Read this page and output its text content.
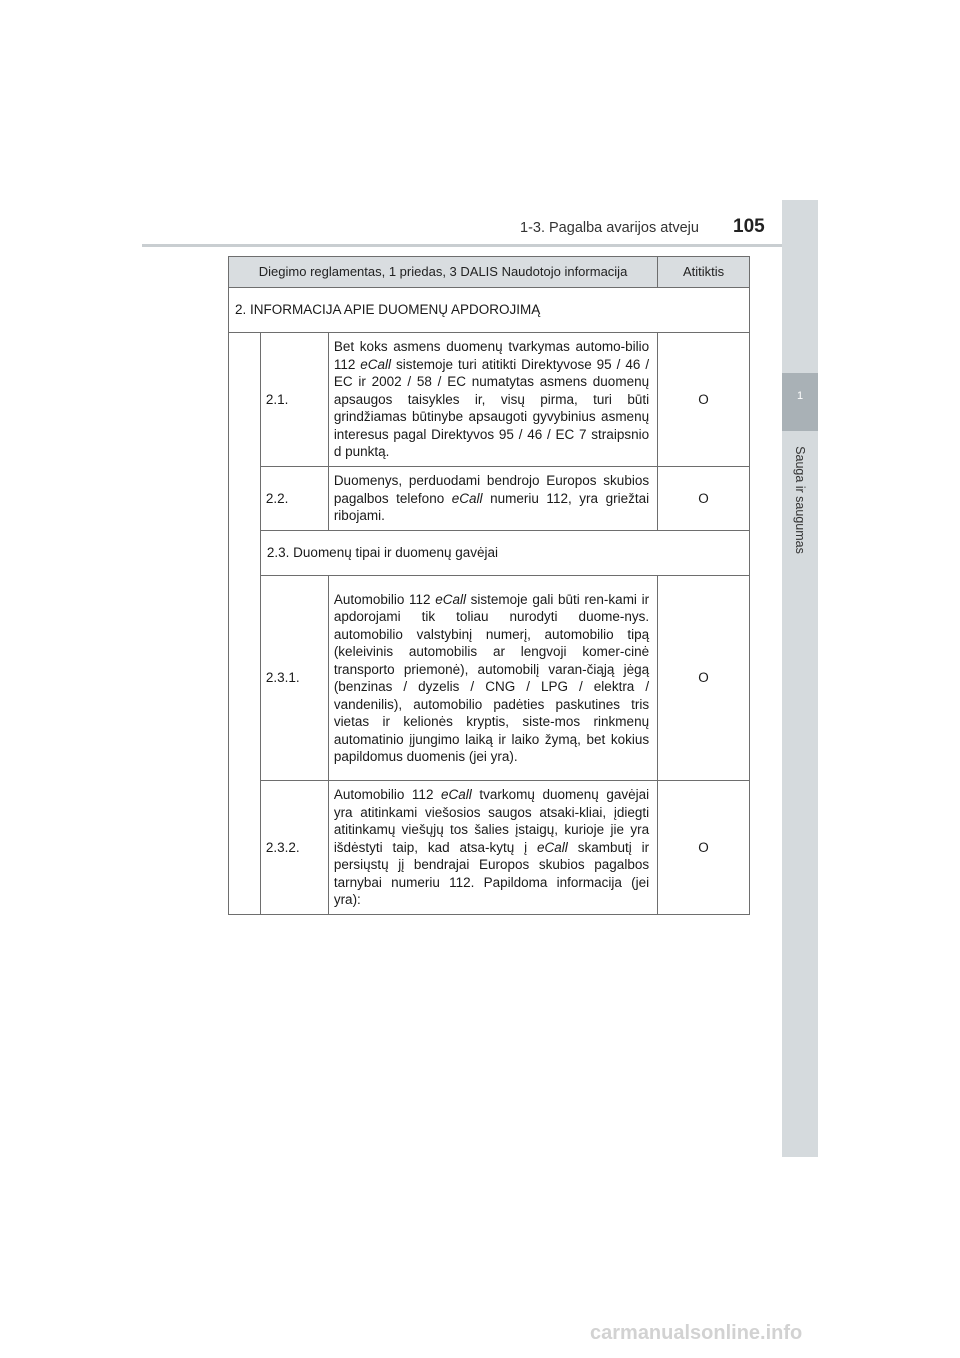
1-3. Pagalba avarijos atveju 105
1
Sauga ir saugumas
Diegimo reglamentas, 1 priedas, 3 DALIS Naudotojo informacija			Atitiktis
2. INFORMACIJA APIE DUOMENŲ APDOROJIMĄ			
	2.1.	Bet koks asmens duomenų tvarkymas automo-bilio 112 eCall sistemoje turi atitikti Direktyvose 95 / 46 / EC ir 2002 / 58 / EC numatytas asmens duomenų apsaugos taisykles ir, visų pirma, turi būti grindžiamas būtinybe apsaugoti gyvybinius asmenų interesus pagal Direktyvos 95 / 46 / EC 7 straipsnio d punktą.	O
	2.2.	Duomenys, perduodami bendrojo Europos skubios pagalbos telefono eCall numeriu 112, yra griežtai ribojami.	O
	2.3. Duomenų tipai ir duomenų gavėjai		
	2.3.1.	Automobilio 112 eCall sistemoje gali būti ren-kami ir apdorojami tik toliau nurodyti duome-nys. automobilio valstybinį numerį, automobilio tipą (keleivinis automobilis ar lengvoji komer-cinė transporto priemonė), automobilį varan-čiąją jėgą (benzinas / dyzelis / CNG / LPG / elektra / vandenilis), automobilio padėties paskutines tris vietas ir kelionės kryptis, siste-mos rinkmenų automatinio įjungimo laiką ir laiko žymą, bet kokius papildomus duomenis (jei yra).	O
	2.3.2.	Automobilio 112 eCall tvarkomų duomenų gavėjai yra atitinkami viešosios saugos atsaki-kliai, įdiegti atitinkamų viešųjų tos šalies įstaigų, kurioje jie yra išdėstyti taip, kad atsa-kytų į eCall skambutį ir persiųstų jį bendrajai Europos skubios pagalbos tarnybai numeriu 112. Papildoma informacija (jei yra):	O
carmanualsonline.info
